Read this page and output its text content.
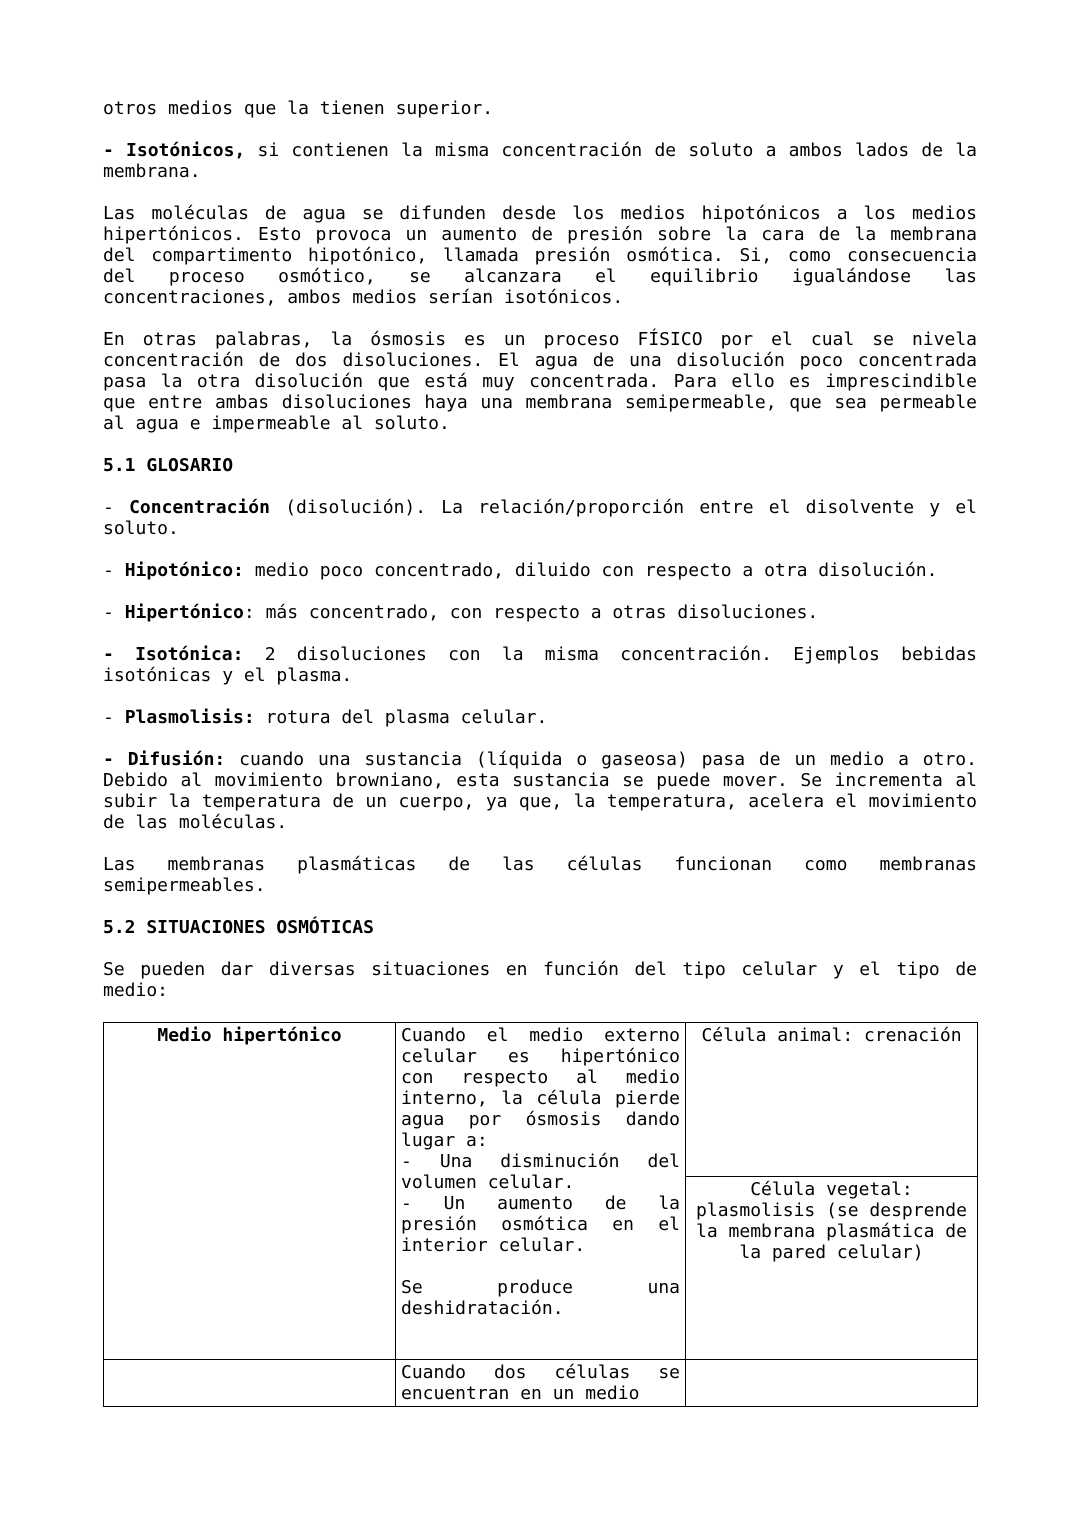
otros medios que la tienen superior.

- Isotónicos, si contienen la misma concentración de soluto a ambos lados de la membrana.

Las moléculas de agua se difunden desde los medios hipotónicos a los medios hipertónicos. Esto provoca un aumento de presión sobre la cara de la membrana del compartimento hipotónico, llamada presión osmótica. Si, como consecuencia del proceso osmótico, se alcanzara el equilibrio igualándose las concentraciones, ambos medios serían isotónicos.

En otras palabras, la ósmosis es un proceso FÍSICO por el cual se nivela concentración de dos disoluciones. El agua de una disolución poco concentrada pasa la otra disolución que está muy concentrada. Para ello es imprescindible que entre ambas disoluciones haya una membrana semipermeable, que sea permeable al agua e impermeable al soluto.

5.1 GLOSARIO

- Concentración (disolución). La relación/proporción entre el disolvente y el soluto.

- Hipotónico: medio poco concentrado, diluido con respecto a otra disolución.

- Hipertónico: más concentrado, con respecto a otras disoluciones.

- Isotónica: 2 disoluciones con la misma concentración. Ejemplos bebidas isotónicas y el plasma.

- Plasmolisis: rotura del plasma celular.

- Difusión: cuando una sustancia (líquida o gaseosa) pasa de un medio a otro. Debido al movimiento browniano, esta sustancia se puede mover. Se incrementa al subir la temperatura de un cuerpo, ya que, la temperatura, acelera el movimiento de las moléculas.

Las membranas plasmáticas de las células funcionan como membranas semipermeables.

5.2 SITUACIONES OSMÓTICAS

Se pueden dar diversas situaciones en función del tipo celular y el tipo de medio:

Medio hipertónico	Cuando el medio externo celular es hipertónico con respecto al medio interno, la célula pierde agua por ósmosis dando lugar a:
- Una disminución del volumen celular.
- Un aumento de la presión osmótica en el interior celular.
Se produce una deshidratación.	Célula animal: crenación
		Célula vegetal: plasmolisis (se desprende la membrana plasmática de la pared celular)
	Cuando dos células se encuentran en un medio	
